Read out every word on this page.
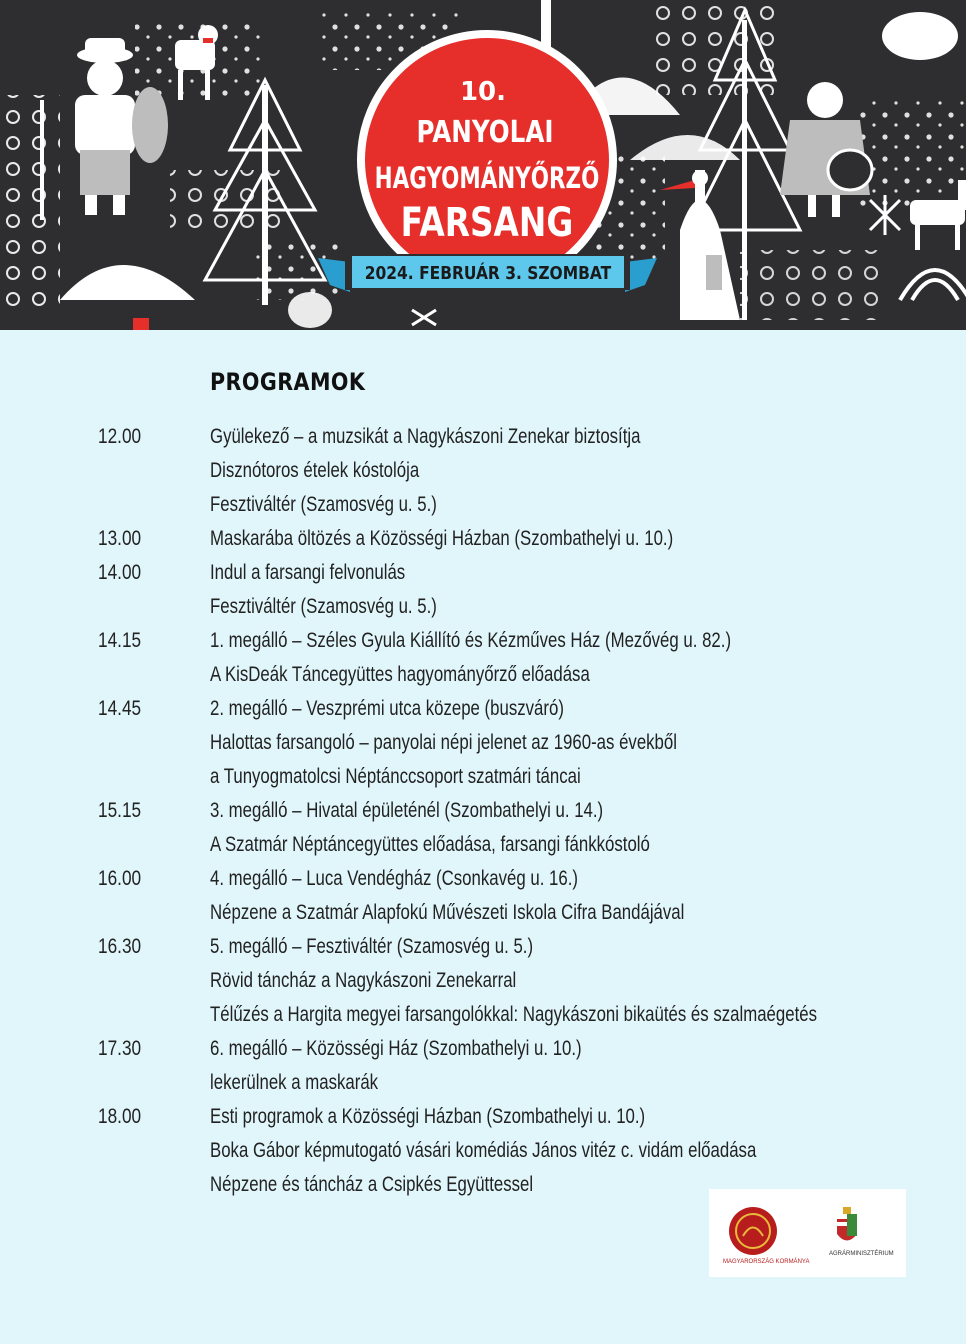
10.
PANYOLAI
HAGYOMÁNYŐRZŐ
FARSANG
2024. FEBRUÁR 3. SZOMBAT
PROGRAMOK
12.00	Gyülekező – a muzsikát a Nagykászoni Zenekar biztosítja
Disznótoros ételek kóstolója
Fesztiváltér (Szamosvég u. 5.)
13.00	Maskarába öltözés a Közösségi Házban (Szombathelyi u. 10.)
14.00	Indul a farsangi felvonulás
Fesztiváltér (Szamosvég u. 5.)
14.15	1. megálló – Széles Gyula Kiállító és Kézműves Ház (Mezővég u. 82.)
A KisDeák Táncegyüttes hagyományőrző előadása
14.45	2. megálló – Veszprémi utca közepe (buszváró)
Halottas farsangoló – panyolai népi jelenet az 1960-as évekből
a Tunyogmatolcsi Néptánccsoport szatmári táncai
15.15	3. megálló – Hivatal épületénél (Szombathelyi u. 14.)
A Szatmár Néptáncegyüttes előadása, farsangi fánkkóstoló
16.00	4. megálló – Luca Vendégház (Csonkavég u. 16.)
Népzene a Szatmár Alapfokú Művészeti Iskola Cifra Bandájával
16.30	5. megálló – Fesztiváltér (Szamosvég u. 5.)
Rövid táncház a Nagykászoni Zenekarral
Télűzés a Hargita megyei farsangolókkal: Nagykászoni bikaütés és szalmaégetés
17.30	6. megálló – Közösségi Ház (Szombathelyi u. 10.)
lekerülnek a maskarák
18.00	Esti programok a Közösségi Házban (Szombathelyi u. 10.)
Boka Gábor képmutogató vásári komédiás János vitéz c. vidám előadása
Népzene és táncház a Csipkés Együttessel
MAGYARORSZÁG KORMÁNYA
AGRÁRMINISZTÉRIUM
